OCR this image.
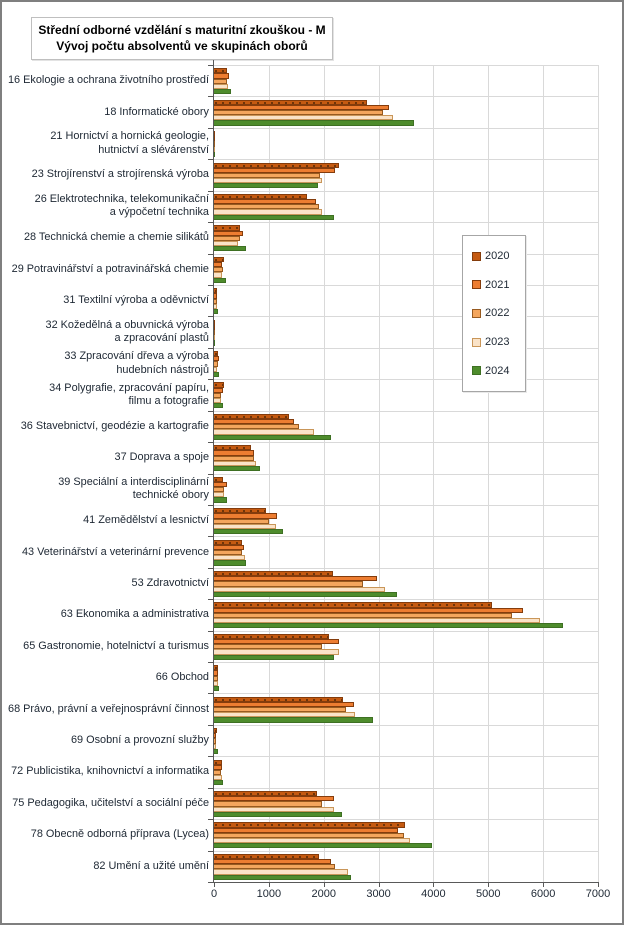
Střední odborné vzdělání s maturitní zkouškou - M
Vývoj počtu absolventů ve skupinách oborů
16 Ekologie a ochrana životního prostředí
18 Informatické obory
21 Hornictví a hornická geologie,
hutnictví a slévárenství
23 Strojírenství a strojírenská výroba
26 Elektrotechnika, telekomunikační
a výpočetní technika
28 Technická chemie a chemie silikátů
29 Potravinářství a potravinářská chemie
31 Textilní výroba a oděvnictví
32 Kožedělná a obuvnická výroba
a zpracování plastů
33 Zpracování dřeva a výroba
hudebních nástrojů
34 Polygrafie, zpracování papíru,
filmu a fotografie
36 Stavebnictví, geodézie a kartografie
37 Doprava a spoje
39 Speciální a interdisciplinární
technické obory
41 Zemědělství a lesnictví
43 Veterinářství a veterinární prevence
53 Zdravotnictví
63 Ekonomika a administrativa
65 Gastronomie, hotelnictví a turismus
66 Obchod
68 Právo, právní a veřejnosprávní činnost
69 Osobní a provozní služby
72 Publicistika, knihovnictví a informatika
75 Pedagogika, učitelství a sociální péče
78 Obecně odborná příprava (Lycea)
82 Umění a užité umění
0	1000	2000	3000	4000	5000	6000	7000
2020
2021
2022
2023
2024
